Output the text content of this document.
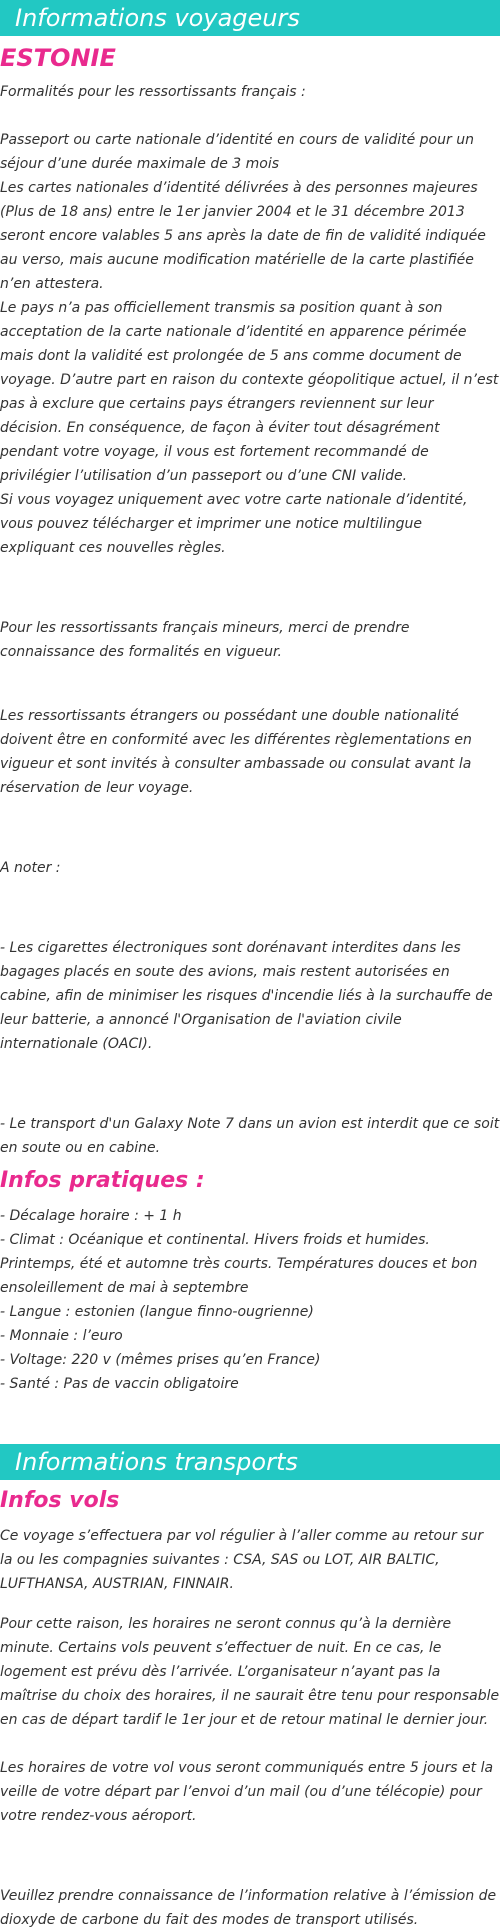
Informations voyageurs
ESTONIE

Formalités pour les ressortissants français :

Passeport ou carte nationale d’identité en cours de validité pour un séjour d’une durée maximale de 3 mois
Les cartes nationales d’identité délivrées à des personnes majeures (Plus de 18 ans) entre le 1er janvier 2004 et le 31 décembre 2013 seront encore valables 5 ans après la date de fin de validité indiquée au verso, mais aucune modification matérielle de la carte plastifiée n’en attestera.
Le pays n’a pas officiellement transmis sa position quant à son acceptation de la carte nationale d’identité en apparence périmée mais dont la validité est prolongée de 5 ans comme document de voyage. D’autre part en raison du contexte géopolitique actuel, il n’est pas à exclure que certains pays étrangers reviennent sur leur décision. En conséquence, de façon à éviter tout désagrément pendant votre voyage, il vous est fortement recommandé de privilégier l’utilisation d’un passeport ou d’une CNI valide.
Si vous voyagez uniquement avec votre carte nationale d’identité, vous pouvez télécharger et imprimer une notice multilingue expliquant ces nouvelles règles.

Pour les ressortissants français mineurs, merci de prendre connaissance des formalités en vigueur.

Les ressortissants étrangers ou possédant une double nationalité doivent être en conformité avec les différentes règlementations en vigueur et sont invités à consulter ambassade ou consulat avant la réservation de leur voyage.

A noter :

- Les cigarettes électroniques sont dorénavant interdites dans les bagages placés en soute des avions, mais restent autorisées en cabine, afin de minimiser les risques d'incendie liés à la surchauffe de leur batterie, a annoncé l'Organisation de l'aviation civile internationale (OACI).

- Le transport d'un Galaxy Note 7 dans un avion est interdit que ce soit en soute ou en cabine.

Infos pratiques :
- Décalage horaire : + 1 h
- Climat : Océanique et continental. Hivers froids et humides. Printemps, été et automne très courts. Températures douces et bon ensoleillement de mai à septembre
- Langue : estonien (langue finno-ougrienne)
- Monnaie : l’euro
- Voltage: 220 v (mêmes prises qu’en France)
- Santé : Pas de vaccin obligatoire
Informations transports
Infos vols

Ce voyage s’effectuera par vol régulier à l’aller comme au retour sur la ou les compagnies suivantes : CSA, SAS ou LOT, AIR BALTIC, LUFTHANSA, AUSTRIAN, FINNAIR.

Pour cette raison, les horaires ne seront connus qu’à la dernière minute. Certains vols peuvent s’effectuer de nuit. En ce cas, le logement est prévu dès l’arrivée. L’organisateur n’ayant pas la maîtrise du choix des horaires, il ne saurait être tenu pour responsable en cas de départ tardif le 1er jour et de retour matinal le dernier jour.

Les horaires de votre vol vous seront communiqués entre 5 jours et la veille de votre départ par l’envoi d’un mail (ou d’une télécopie) pour votre rendez-vous aéroport.

Veuillez prendre connaissance de l’information relative à l’émission de dioxyde de carbone du fait des modes de transport utilisés.
